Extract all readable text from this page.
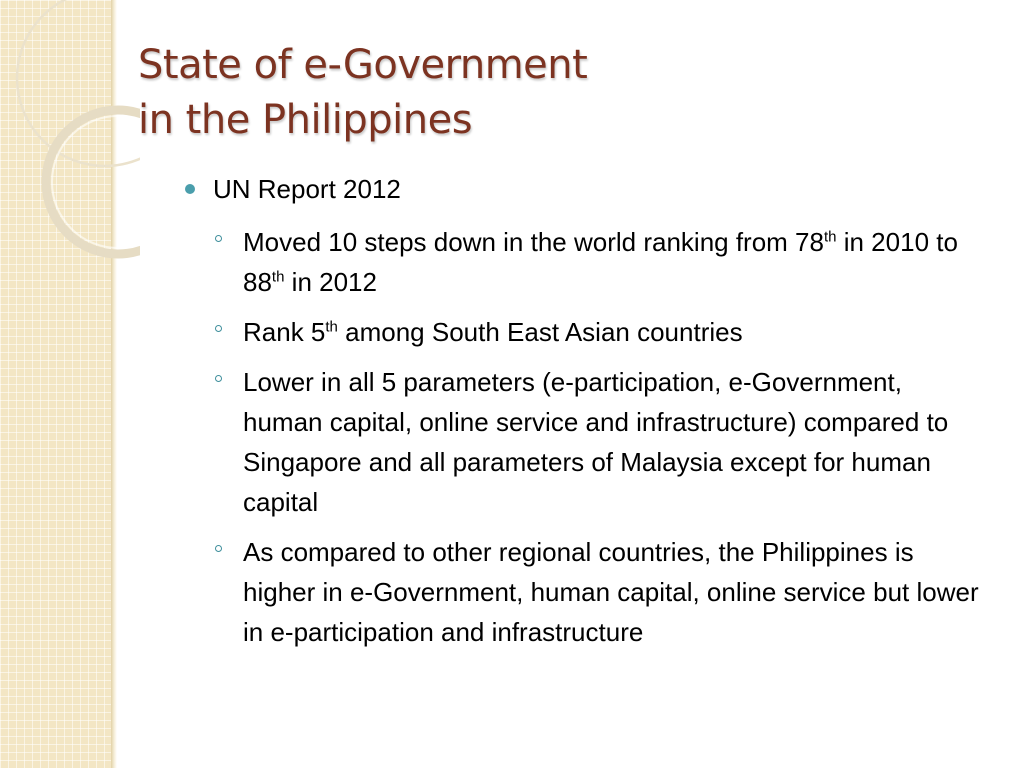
State of e-Government
in the Philippines
UN Report 2012
Moved 10 steps down in the world ranking from 78th in 2010 to 88th in 2012
Rank 5th among South East Asian countries
Lower in all 5 parameters (e-participation, e-Government, human capital, online service and infrastructure) compared to Singapore and all parameters of Malaysia except for human capital
As compared to other regional countries, the Philippines is higher in e-Government, human capital, online service but lower in e-participation and infrastructure
